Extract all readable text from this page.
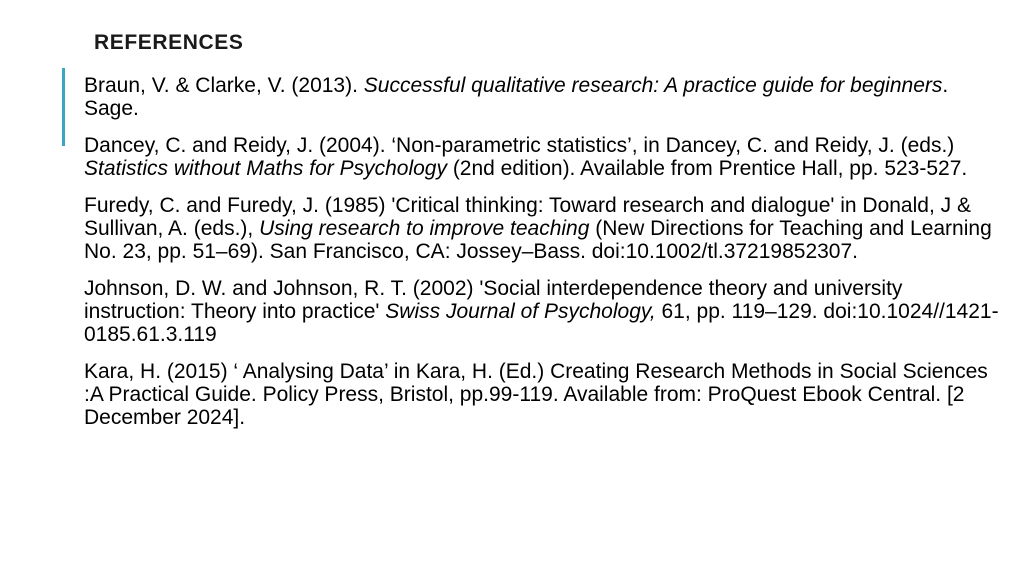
REFERENCES

Braun, V. & Clarke, V. (2013). Successful qualitative research: A practice guide for beginners. Sage.

Dancey, C. and Reidy, J. (2004). ‘Non-parametric statistics’, in Dancey, C. and Reidy, J. (eds.) Statistics without Maths for Psychology (2nd edition). Available from Prentice Hall, pp. 523-527.

Furedy, C. and Furedy, J. (1985) 'Critical thinking: Toward research and dialogue' in Donald, J & Sullivan, A. (eds.), Using research to improve teaching (New Directions for Teaching and Learning No. 23, pp. 51–69). San Francisco, CA: Jossey–Bass. doi:10.1002/tl.37219852307.

Johnson, D. W. and Johnson, R. T. (2002) 'Social interdependence theory and university instruction: Theory into practice' Swiss Journal of Psychology, 61, pp. 119–129. doi:10.1024//1421-0185.61.3.119

Kara, H. (2015) ‘ Analysing Data’ in Kara, H. (Ed.) Creating Research Methods in Social Sciences :A Practical Guide. Policy Press, Bristol, pp.99-119. Available from: ProQuest Ebook Central. [2 December 2024].
